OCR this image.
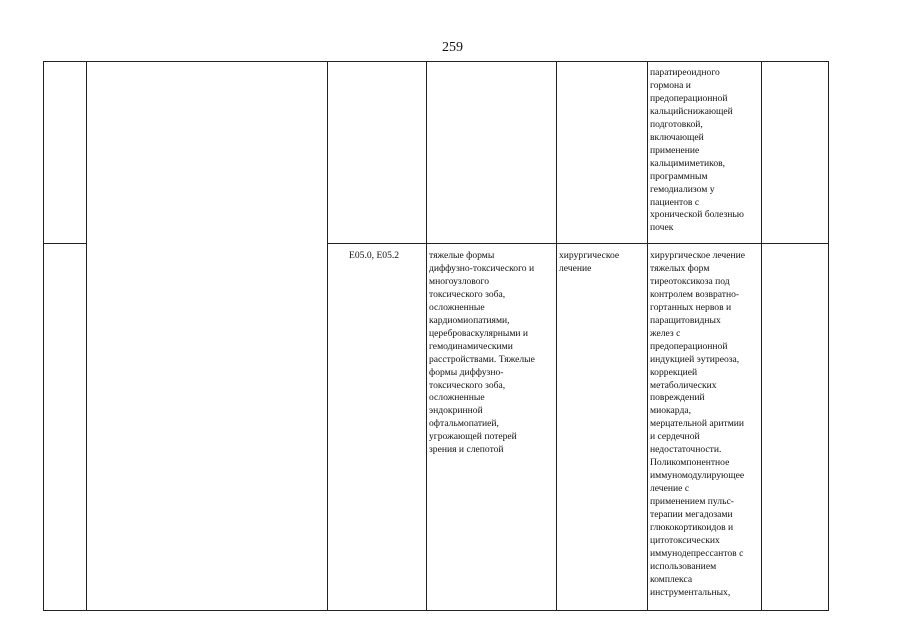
259
паратиреоидного
гормона и
предоперационной
кальцийснижающей
подготовкой,
включающей
применение
кальцимиметиков,
программным
гемодиализом у
пациентов с
хронической болезнью
почек
E05.0, E05.2	тяжелые формы
диффузно-токсического и
многоузлового
токсического зоба,
осложненные
кардиомиопатиями,
цереброваскулярными и
гемодинамическими
расстройствами. Тяжелые
формы диффузно-
токсического зоба,
осложненные
эндокринной
офтальмопатией,
угрожающей потерей
зрения и слепотой
хирургическое
лечение
хирургическое лечение
тяжелых форм
тиреотоксикоза под
контролем возвратно-
гортанных нервов и
паращитовидных
желез с
предоперационной
индукцией эутиреоза,
коррекцией
метаболических
повреждений
миокарда,
мерцательной аритмии
и сердечной
недостаточности.
Поликомпонентное
иммуномодулирующее
лечение с
применением пульс-
терапии мегадозами
глюкокортикоидов и
цитотоксических
иммунодепрессантов с
использованием
комплекса
инструментальных,
